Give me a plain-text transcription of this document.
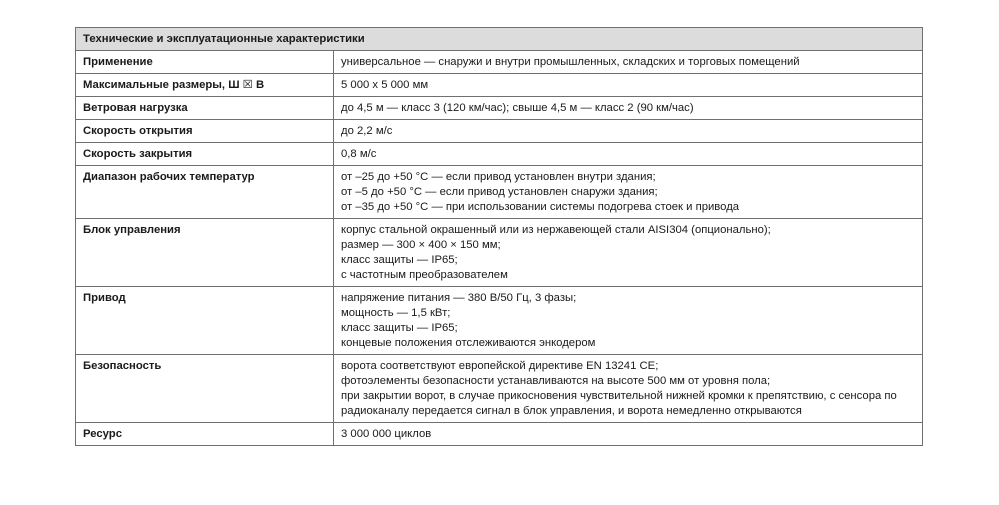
Технические и эксплуатационные характеристики	
Применение	универсальное — снаружи и внутри промышленных, складских и торговых помещений
Максимальные размеры, Ш ☒ В	5 000 х 5 000 мм
Ветровая нагрузка	до 4,5 м — класс 3 (120 км/час); свыше 4,5 м — класс 2 (90 км/час)
Скорость открытия	до 2,2 м/с
Скорость закрытия	0,8 м/с
Диапазон рабочих температур	от –25 до +50 °С — если привод установлен внутри здания;
от –5 до +50 °С — если привод установлен снаружи здания;
от –35 до +50 °С — при использовании системы подогрева стоек и привода
Блок управления	корпус стальной окрашенный или из нержавеющей стали AISI304 (опционально);
размер — 300 × 400 × 150 мм;
класс защиты — IP65;
с частотным преобразователем
Привод	напряжение питания — 380 В/50 Гц, 3 фазы;
мощность — 1,5 кВт;
класс защиты — IP65;
концевые положения отслеживаются энкодером
Безопасность	ворота соответствуют европейской директиве EN 13241 CE;
фотоэлементы безопасности устанавливаются на высоте 500 мм от уровня пола;
при закрытии ворот, в случае прикосновения чувствительной нижней кромки к препятствию, с сенсора по радиоканалу передается сигнал в блок управления, и ворота немедленно открываются
Ресурс	3 000 000 циклов
